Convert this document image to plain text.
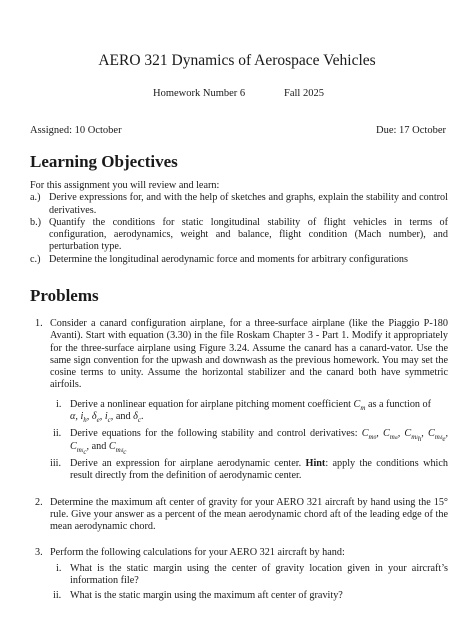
AERO 321 Dynamics of Aerospace Vehicles
Homework Number 6	Fall 2025
Assigned: 10 October	Due: 17 October
Learning Objectives
For this assignment you will review and learn:
a.) Derive expressions for, and with the help of sketches and graphs, explain the stability and control derivatives.
b.) Quantify the conditions for static longitudinal stability of flight vehicles in terms of configuration, aerodynamics, weight and balance, flight condition (Mach number), and perturbation type.
c.) Determine the longitudinal aerodynamic force and moments for arbitrary configurations
Problems
1. Consider a canard configuration airplane, for a three-surface airplane (like the Piaggio P-180 Avanti). Start with equation (3.30) in the file Roskam Chapter 3 - Part 1. Modify it appropriately for the three-surface airplane using Figure 3.24. Assume the canard has a canard-vator. Use the same sign convention for the upwash and downwash as the previous homework. You may set the cosine terms to unity. Assume the horizontal stabilizer and the canard both have symmetric airfoils.
i. Derive a nonlinear equation for airplane pitching moment coefficient $C_m$ as a function of
α, $i_h$, $\delta_e$, $i_c$, and $\delta_c$.
ii. Derive equations for the following stability and control derivatives: $C_{m0}$, $C_{m\alpha}$, $C_{mi_h}$, $C_{m\delta_e}$, $C_{mi_c}$, and $C_{m\delta_c}$
iii. Derive an expression for airplane aerodynamic center. Hint: apply the conditions which result directly from the definition of aerodynamic center.
2. Determine the maximum aft center of gravity for your AERO 321 aircraft by hand using the 15° rule. Give your answer as a percent of the mean aerodynamic chord aft of the leading edge of the mean aerodynamic chord.
3. Perform the following calculations for your AERO 321 aircraft by hand:
i. What is the static margin using the center of gravity location given in your aircraft’s information file?
ii. What is the static margin using the maximum aft center of gravity?
